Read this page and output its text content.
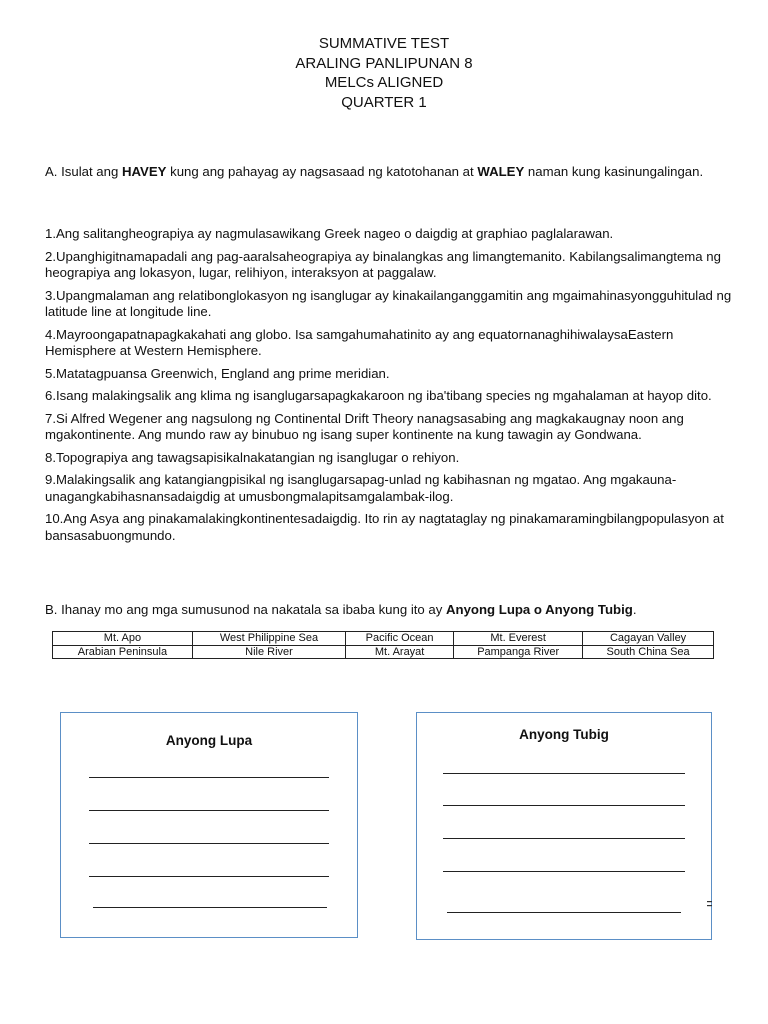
SUMMATIVE TEST
ARALING PANLIPUNAN 8
MELCs ALIGNED
QUARTER 1
A. Isulat ang HAVEY kung ang pahayag ay nagsasaad ng katotohanan at WALEY naman kung kasinungalingan.
1.Ang salitangheograpiya ay nagmulasawikang Greek nageo o daigdig at graphiao paglalarawan.
2.Upanghigitnamapadali ang pag-aaralsaheograpiya ay binalangkas ang limangtemanito. Kabilangsalimangtema ng heograpiya ang lokasyon, lugar, relihiyon, interaksyon at paggalaw.
3.Upangmalaman ang relatibonglokasyon ng isanglugar ay kinakailanganggamitin ang mgaimahinasyongguhitulad ng latitude line at longitude line.
4.Mayroongapatnapagkakahati ang globo. Isa samgahumahatinito ay ang equatornanaghihiwalaysaEastern Hemisphere at Western Hemisphere.
5.Matatagpuansa Greenwich, England ang prime meridian.
6.Isang malakingsalik ang klima ng isanglugarsapagkakaroon ng iba'tibang species ng mgahalaman at hayop dito.
7.Si Alfred Wegener ang nagsulong ng Continental Drift Theory nanagsasabing ang magkakaugnay noon ang mgakontinente. Ang mundo raw ay binubuo ng isang super kontinente na kung tawagin ay Gondwana.
8.Topograpiya ang tawagsapisikalnakatangian ng isanglugar o rehiyon.
9.Malakingsalik ang katangiangpisikal ng isanglugarsapag-unlad ng kabihasnan ng mgatao. Ang mgakauna-unagangkabihasnansadaigdig at umusbongmalapitsamgalambak-ilog.
10.Ang Asya ang pinakamalakingkontinentesadaigdig. Ito rin ay nagtataglay ng pinakamaramingbilangpopulasyon at bansasabuongmundo.
B. Ihanay mo ang mga sumusunod na nakatala sa ibaba kung ito ay Anyong Lupa o Anyong Tubig.
Mt. Apo	West Philippine Sea	Pacific Ocean	Mt. Everest	Cagayan Valley
Arabian Peninsula	Nile River	Mt. Arayat	Pampanga River	South China Sea
Anyong Lupa	Anyong Tubig
